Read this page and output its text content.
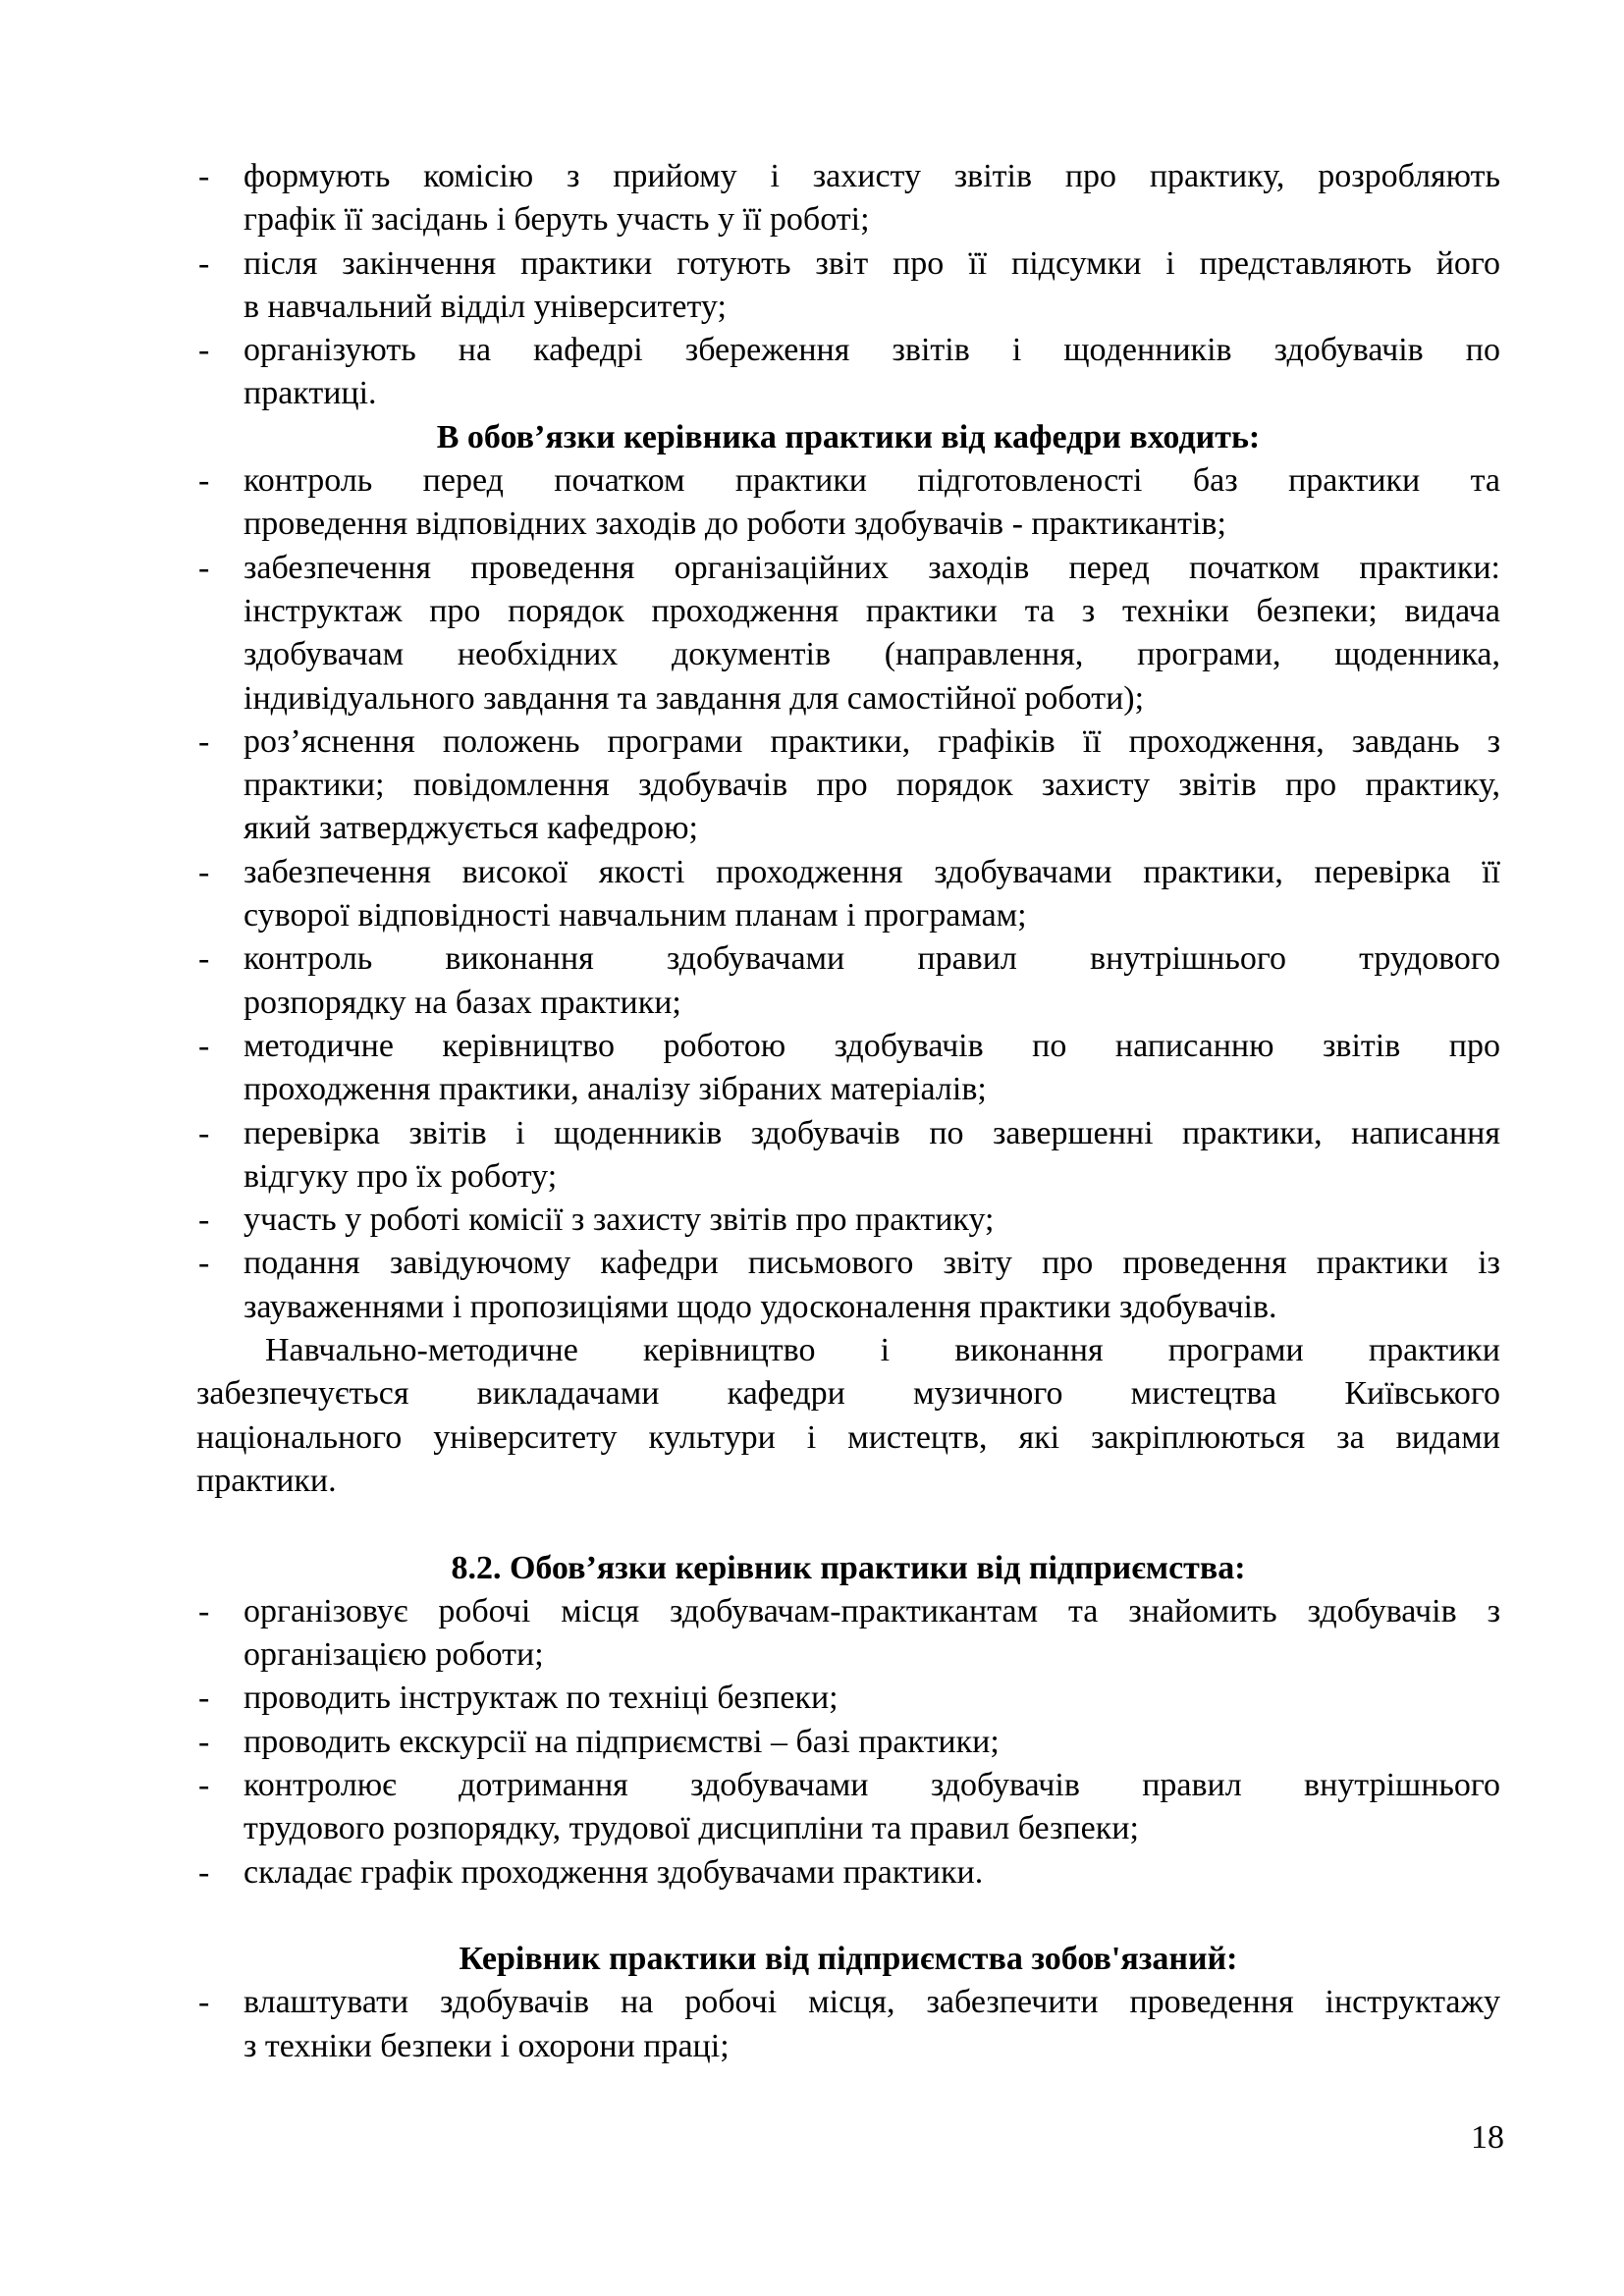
- формують комісію з прийому і захисту звітів про практику, розробляють
графік її засідань і беруть участь у її роботі;
- після закінчення практики готують звіт про її підсумки і представляють його
в навчальний відділ університету;
- організують на кафедрі збереження звітів і щоденників здобувачів по
практиці.
В обов’язки керівника практики від кафедри входить:
- контроль перед початком практики підготовленості баз практики та
проведення відповідних заходів до роботи здобувачів - практикантів;
- забезпечення проведення організаційних заходів перед початком практики:
інструктаж про порядок проходження практики та з техніки безпеки; видача
здобувачам необхідних документів (направлення, програми, щоденника,
індивідуального завдання та завдання для самостійної роботи);
- роз’яснення положень програми практики, графіків її проходження, завдань з
практики; повідомлення здобувачів про порядок захисту звітів про практику,
який затверджується кафедрою;
- забезпечення високої якості проходження здобувачами практики, перевірка її
суворої відповідності навчальним планам і програмам;
- контроль виконання здобувачами правил внутрішнього трудового
розпорядку на базах практики;
- методичне керівництво роботою здобувачів по написанню звітів про
проходження практики, аналізу зібраних матеріалів;
- перевірка звітів і щоденників здобувачів по завершенні практики, написання
відгуку про їх роботу;
- участь у роботі комісії з захисту звітів про практику;
- подання завідуючому кафедри письмового звіту про проведення практики із
зауваженнями і пропозиціями щодо удосконалення практики здобувачів.
Навчально-методичне керівництво і виконання програми практики
забезпечується викладачами кафедри музичного мистецтва Київського
національного університету культури і мистецтв, які закріплюються за видами
практики.
8.2. Обов’язки керівник практики від підприємства:
- організовує робочі місця здобувачам-практикантам та знайомить здобувачів з
організацією роботи;
- проводить інструктаж по техніці безпеки;
- проводить екскурсії на підприємстві – базі практики;
- контролює дотримання здобувачами здобувачів правил внутрішнього
трудового розпорядку, трудової дисципліни та правил безпеки;
- складає графік проходження здобувачами практики.
Керівник практики від підприємства зобов'язаний:
- влаштувати здобувачів на робочі місця, забезпечити проведення інструктажу
з техніки безпеки і охорони праці;
18
